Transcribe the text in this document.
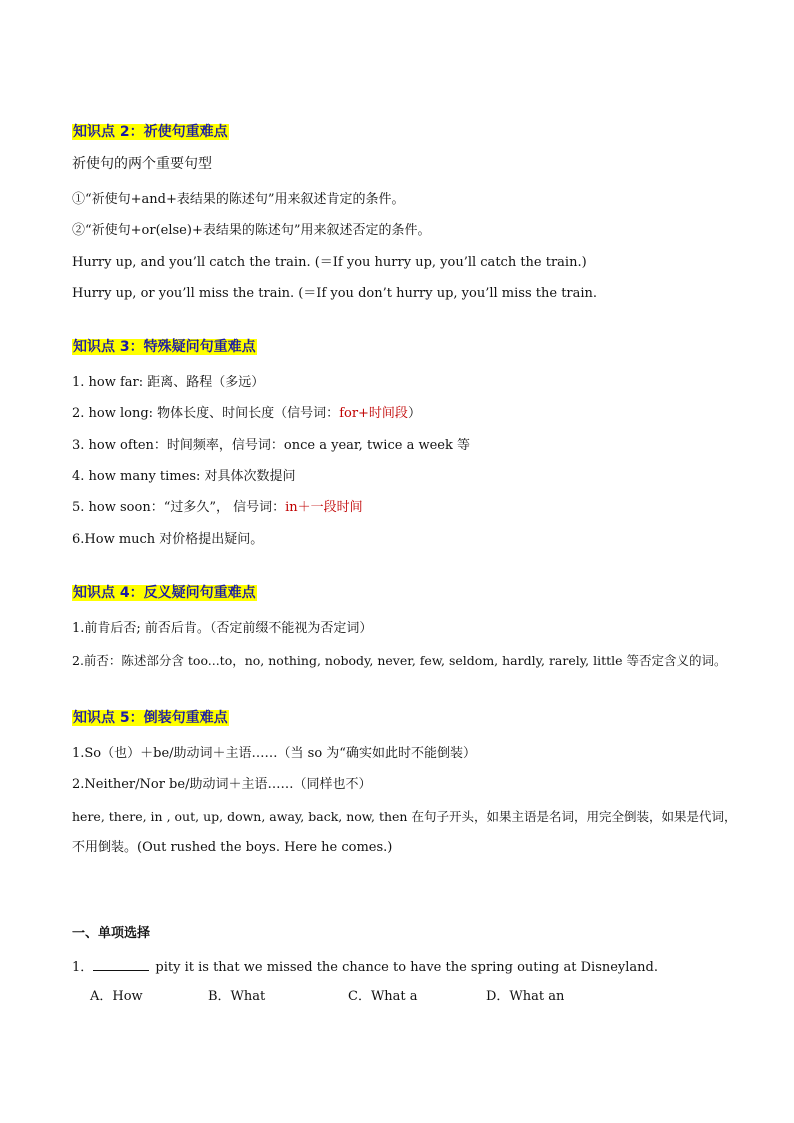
知识点 2：祈使句重难点
祈使句的两个重要句型
①“祈使句+and+表结果的陈述句”用来叙述肯定的条件。
②“祈使句+or(else)+表结果的陈述句”用来叙述否定的条件。
Hurry up, and you’ll catch the train. (＝If you hurry up, you’ll catch the train.)
Hurry up, or you’ll miss the train. (＝If you don’t hurry up, you’ll miss the train.
知识点 3：特殊疑问句重难点
1. how far: 距离、路程（多远）
2. how long: 物体长度、时间长度（信号词：for+时间段）
3. how often：时间频率，信号词：once a year, twice a week 等
4. how many times: 对具体次数提问
5. how soon：“过多久”， 信号词：in＋一段时间
6.How much 对价格提出疑问。
知识点 4：反义疑问句重难点
1.前肯后否; 前否后肯。（否定前缀不能视为否定词）
2.前否：陈述部分含 too...to，no, nothing, nobody, never, few, seldom, hardly, rarely, little 等否定含义的词。
知识点 5：倒装句重难点
1.So（也）＋be/助动词＋主语……（当 so 为“确实如此时不能倒装）
2.Neither/Nor be/助动词＋主语……（同样也不）
here, there, in , out, up, down, away, back, now, then 在句子开头，如果主语是名词，用完全倒装，如果是代词，
不用倒装。(Out rushed the boys. Here he comes.)
一、单项选择
1．	pity it is that we missed the chance to have the spring outing at Disneyland.
A．How	B．What	C．What a	D．What an
